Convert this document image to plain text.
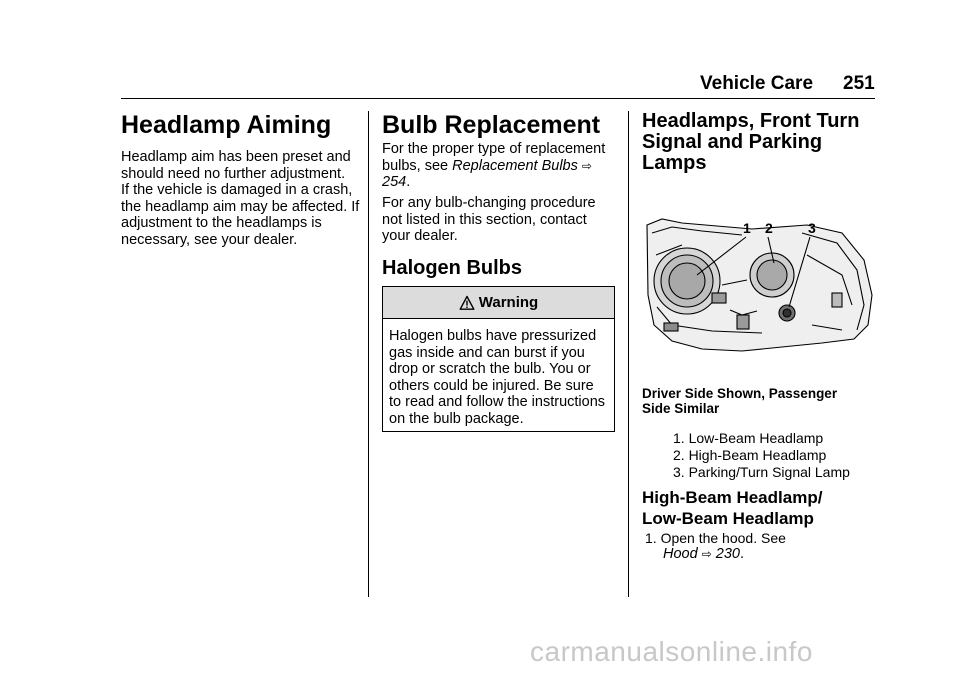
Vehicle Care 251
Headlamp Aiming
Headlamp aim has been preset and should need no further adjustment.
If the vehicle is damaged in a crash, the headlamp aim may be affected. If adjustment to the headlamps is necessary, see your dealer.
Bulb Replacement
For the proper type of replacement bulbs, see Replacement Bulbs ⇨ 254.
For any bulb-changing procedure not listed in this section, contact your dealer.
Halogen Bulbs
Warning
Halogen bulbs have pressurized gas inside and can burst if you drop or scratch the bulb. You or others could be injured. Be sure to read and follow the instructions on the bulb package.
Headlamps, Front Turn Signal and Parking Lamps
1 2	3
Driver Side Shown, Passenger Side Similar
1. Low-Beam Headlamp
2. High-Beam Headlamp
3. Parking/Turn Signal Lamp
High-Beam Headlamp/ Low-Beam Headlamp
1. Open the hood. See
Hood ⇨ 230.
carmanualsonline.info
